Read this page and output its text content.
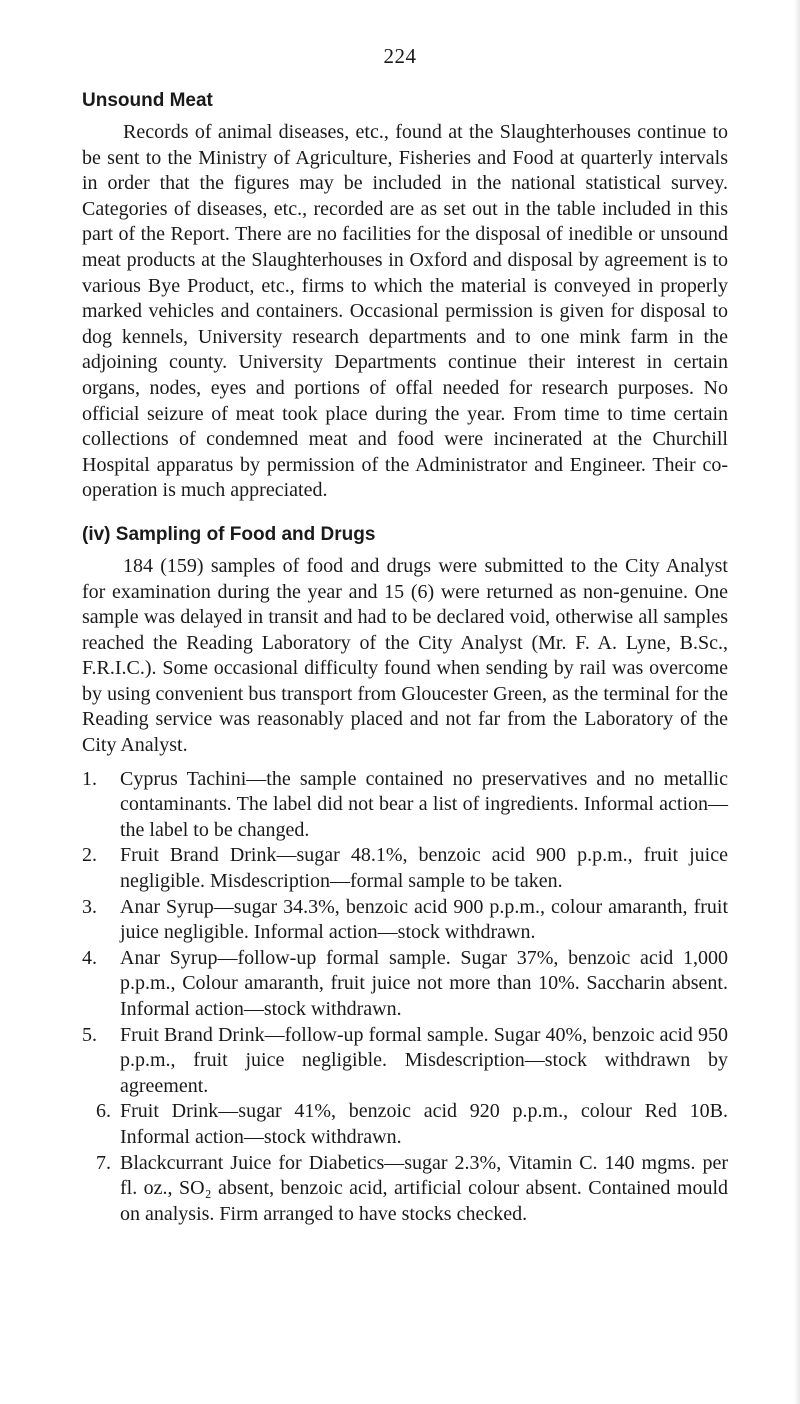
224
Unsound Meat

Records of animal diseases, etc., found at the Slaughterhouses continue to be sent to the Ministry of Agriculture, Fisheries and Food at quarterly intervals in order that the figures may be included in the national statistical survey. Categories of diseases, etc., recorded are as set out in the table included in this part of the Report. There are no facilities for the disposal of inedible or unsound meat products at the Slaughterhouses in Oxford and disposal by agreement is to various Bye Product, etc., firms to which the material is conveyed in properly marked vehicles and containers. Occasional permission is given for disposal to dog kennels, University research departments and to one mink farm in the adjoining county. University Departments continue their interest in certain organs, nodes, eyes and portions of offal needed for research purposes. No official seizure of meat took place during the year. From time to time certain collections of condemned meat and food were incinerated at the Churchill Hospital apparatus by permission of the Administrator and Engineer. Their co-operation is much appreciated.

(iv) Sampling of Food and Drugs

184 (159) samples of food and drugs were submitted to the City Analyst for examination during the year and 15 (6) were returned as non-genuine. One sample was delayed in transit and had to be declared void, otherwise all samples reached the Reading Laboratory of the City Analyst (Mr. F. A. Lyne, B.Sc., F.R.I.C.). Some occasional difficulty found when sending by rail was overcome by using convenient bus transport from Gloucester Green, as the terminal for the Reading service was reasonably placed and not far from the Laboratory of the City Analyst.

1. Cyprus Tachini—the sample contained no preservatives and no metallic contaminants. The label did not bear a list of ingredients. Informal action—the label to be changed.
2. Fruit Brand Drink—sugar 48.1%, benzoic acid 900 p.p.m., fruit juice negligible. Misdescription—formal sample to be taken.
3. Anar Syrup—sugar 34.3%, benzoic acid 900 p.p.m., colour amaranth, fruit juice negligible. Informal action—stock withdrawn.
4. Anar Syrup—follow-up formal sample. Sugar 37%, benzoic acid 1,000 p.p.m., Colour amaranth, fruit juice not more than 10%. Saccharin absent. Informal action—stock withdrawn.
5. Fruit Brand Drink—follow-up formal sample. Sugar 40%, benzoic acid 950 p.p.m., fruit juice negligible. Misdescription—stock withdrawn by agreement.
6. Fruit Drink—sugar 41%, benzoic acid 920 p.p.m., colour Red 10B. Informal action—stock withdrawn.
7. Blackcurrant Juice for Diabetics—sugar 2.3%, Vitamin C. 140 mgms. per fl. oz., SO₂ absent, benzoic acid, artificial colour absent. Contained mould on analysis. Firm arranged to have stocks checked.
